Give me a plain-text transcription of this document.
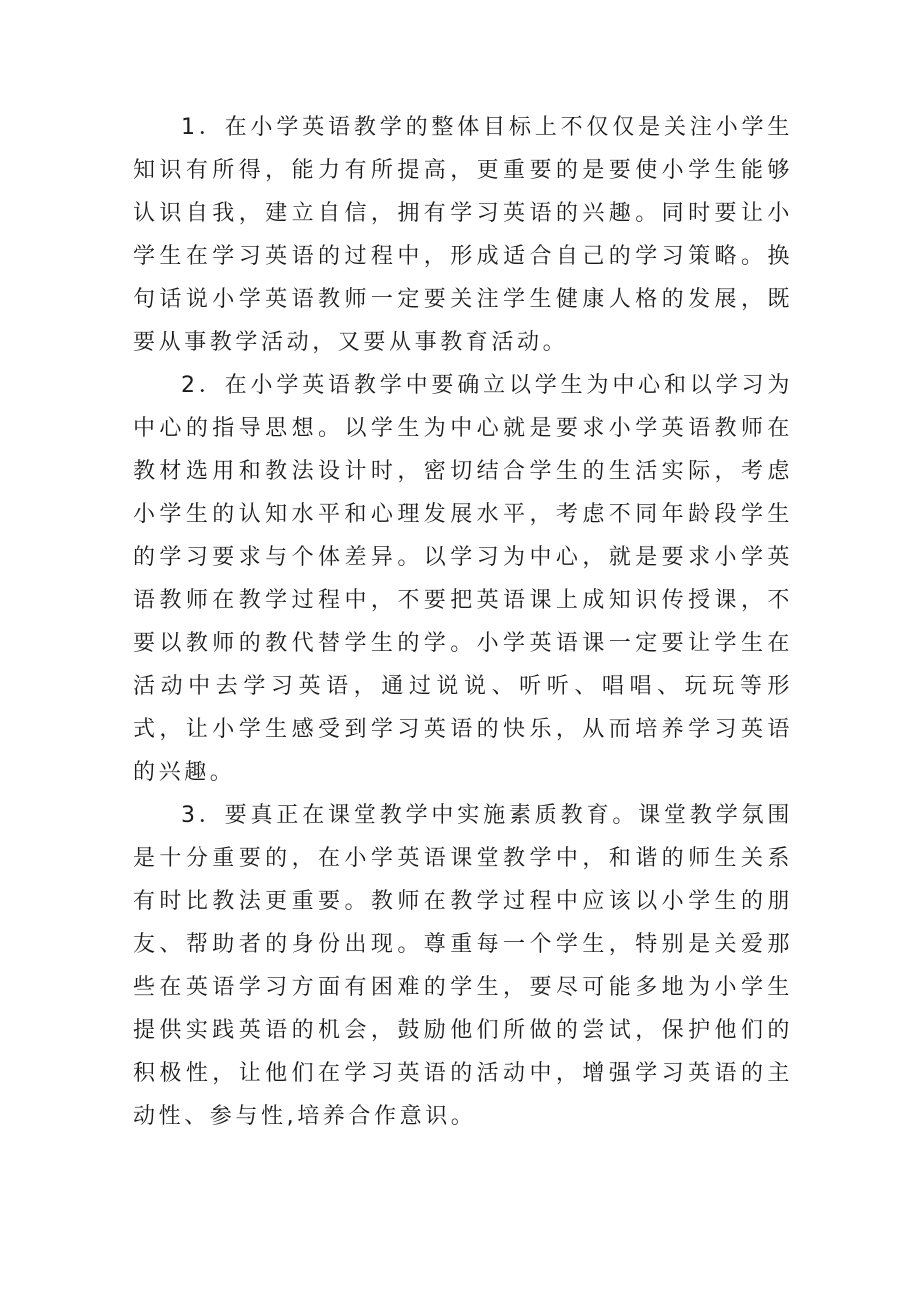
1．在小学英语教学的整体目标上不仅仅是关注小学生知识有所得，能力有所提高，更重要的是要使小学生能够认识自我，建立自信，拥有学习英语的兴趣。同时要让小学生在学习英语的过程中，形成适合自己的学习策略。换句话说小学英语教师一定要关注学生健康人格的发展，既要从事教学活动，又要从事教育活动。

2．在小学英语教学中要确立以学生为中心和以学习为中心的指导思想。以学生为中心就是要求小学英语教师在教材选用和教法设计时，密切结合学生的生活实际，考虑小学生的认知水平和心理发展水平，考虑不同年龄段学生的学习要求与个体差异。以学习为中心，就是要求小学英语教师在教学过程中，不要把英语课上成知识传授课，不要以教师的教代替学生的学。小学英语课一定要让学生在活动中去学习英语，通过说说、听听、唱唱、玩玩等形式，让小学生感受到学习英语的快乐，从而培养学习英语的兴趣。

3．要真正在课堂教学中实施素质教育。课堂教学氛围是十分重要的，在小学英语课堂教学中，和谐的师生关系有时比教法更重要。教师在教学过程中应该以小学生的朋友、帮助者的身份出现。尊重每一个学生，特别是关爱那些在英语学习方面有困难的学生，要尽可能多地为小学生提供实践英语的机会，鼓励他们所做的尝试，保护他们的积极性，让他们在学习英语的活动中，增强学习英语的主动性、参与性,培养合作意识。
